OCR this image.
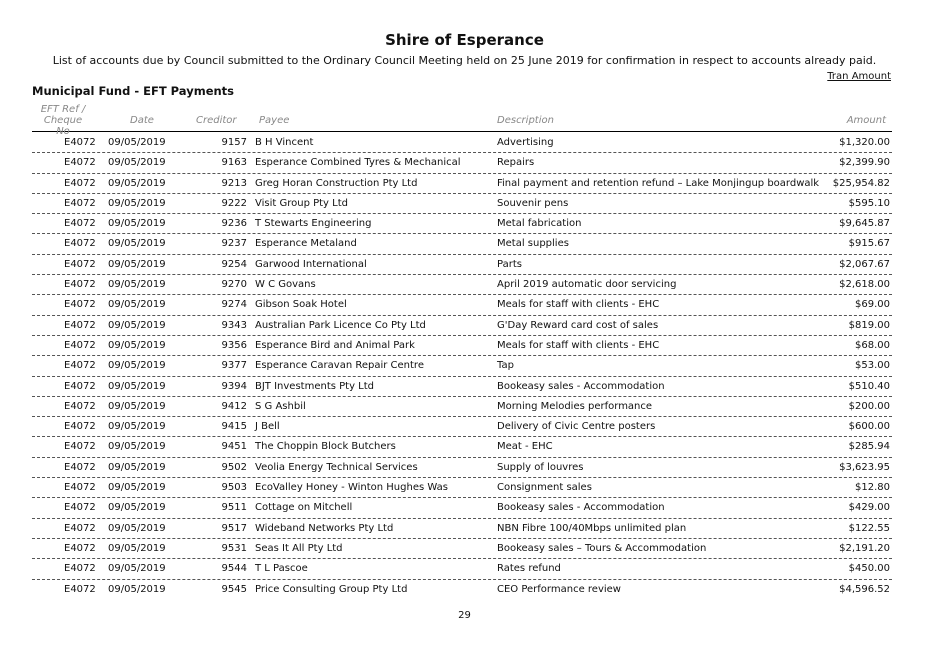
Shire of Esperance
List of accounts due by Council submitted to the Ordinary Council Meeting held on 25 June 2019 for confirmation in respect to accounts already paid.
Tran Amount
Municipal Fund - EFT Payments
EFT Ref / Cheque No
Date	Creditor Payee	Description	Amount
E4072 09/05/2019	9157 B H Vincent	Advertising	$1,320.00
E4072 09/05/2019	9163 Esperance Combined Tyres & Mechanical	Repairs	$2,399.90
E4072 09/05/2019	9213 Greg Horan Construction Pty Ltd	Final payment and retention refund – Lake Monjingup boardwalk $25,954.82
E4072 09/05/2019	9222 Visit Group Pty Ltd	Souvenir pens	$595.10
E4072 09/05/2019	9236 T Stewarts Engineering	Metal fabrication	$9,645.87
E4072 09/05/2019	9237 Esperance Metaland	Metal supplies	$915.67
E4072 09/05/2019	9254 Garwood International	Parts	$2,067.67
E4072 09/05/2019	9270 W C Govans	April 2019 automatic door servicing	$2,618.00
E4072 09/05/2019	9274 Gibson Soak Hotel	Meals for staff with clients - EHC	$69.00
E4072 09/05/2019	9343 Australian Park Licence Co Pty Ltd	G'Day Reward card cost of sales	$819.00
E4072 09/05/2019	9356 Esperance Bird and Animal Park	Meals for staff with clients - EHC	$68.00
E4072 09/05/2019	9377 Esperance Caravan Repair Centre	Tap	$53.00
E4072 09/05/2019	9394 BJT Investments Pty Ltd	Bookeasy sales - Accommodation	$510.40
E4072 09/05/2019	9412 S G Ashbil	Morning Melodies performance	$200.00
E4072 09/05/2019	9415 J Bell	Delivery of Civic Centre posters	$600.00
E4072 09/05/2019	9451 The Choppin Block Butchers	Meat - EHC	$285.94
E4072 09/05/2019	9502 Veolia Energy Technical Services	Supply of louvres	$3,623.95
E4072 09/05/2019	9503 EcoValley Honey - Winton Hughes Was	Consignment sales	$12.80
E4072 09/05/2019	9511 Cottage on Mitchell	Bookeasy sales - Accommodation	$429.00
E4072 09/05/2019	9517 Wideband Networks Pty Ltd	NBN Fibre 100/40Mbps unlimited plan	$122.55
E4072 09/05/2019	9531 Seas It All Pty Ltd	Bookeasy sales – Tours & Accommodation	$2,191.20
E4072 09/05/2019	9544 T L Pascoe	Rates refund	$450.00
E4072 09/05/2019	9545 Price Consulting Group Pty Ltd	CEO Performance review	$4,596.52
29
